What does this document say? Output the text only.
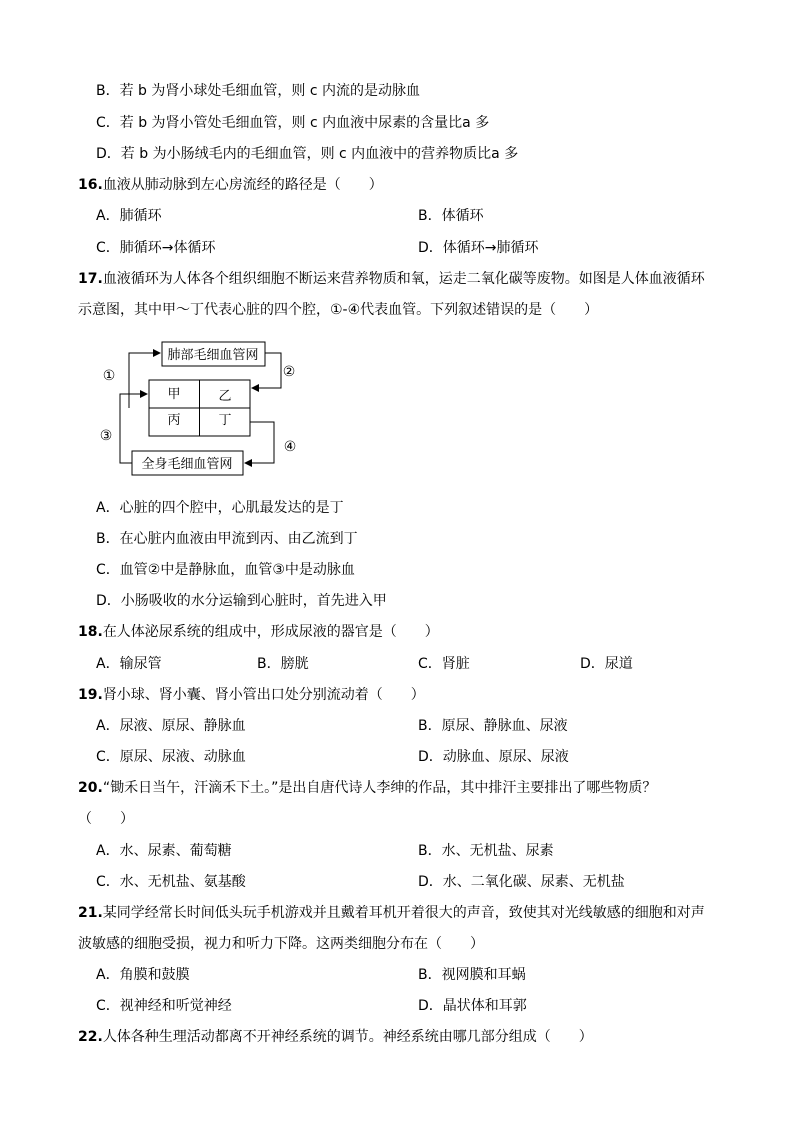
B．若 b 为肾小球处毛细血管，则 c 内流的是动脉血
C．若 b 为肾小管处毛细血管，则 c 内血液中尿素的含量比a 多
D．若 b 为小肠绒毛内的毛细血管，则 c 内血液中的营养物质比a 多
16.血液从肺动脉到左心房流经的路径是（　　）
A．肺循环	B．体循环
C．肺循环→体循环	D．体循环→肺循环
17.血液循环为人体各个组织细胞不断运来营养物质和氧，运走二氧化碳等废物。如图是人体血液循环
示意图，其中甲～丁代表心脏的四个腔，①-④代表血管。下列叙述错误的是（　　）
肺部毛细血管网
甲	乙
丙	丁
全身毛细血管网
①	②
③
④
A．心脏的四个腔中，心肌最发达的是丁
B．在心脏内血液由甲流到丙、由乙流到丁
C．血管②中是静脉血，血管③中是动脉血
D．小肠吸收的水分运输到心脏时，首先进入甲
18.在人体泌尿系统的组成中，形成尿液的器官是（　　）
A．输尿管	B．膀胱	C．肾脏	D．尿道
19.肾小球、肾小囊、肾小管出口处分别流动着（　　）
A．尿液、原尿、静脉血	B．原尿、静脉血、尿液
C．原尿、尿液、动脉血	D．动脉血、原尿、尿液
20.“锄禾日当午，汗滴禾下土。”是出自唐代诗人李绅的作品，其中排汗主要排出了哪些物质？
（　　）
A．水、尿素、葡萄糖	B．水、无机盐、尿素
C．水、无机盐、氨基酸	D．水、二氧化碳、尿素、无机盐
21.某同学经常长时间低头玩手机游戏并且戴着耳机开着很大的声音，致使其对光线敏感的细胞和对声
波敏感的细胞受损，视力和听力下降。这两类细胞分布在（　　）
A．角膜和鼓膜	B．视网膜和耳蜗
C．视神经和听觉神经	D．晶状体和耳郭
22.人体各种生理活动都离不开神经系统的调节。神经系统由哪几部分组成（　　）
